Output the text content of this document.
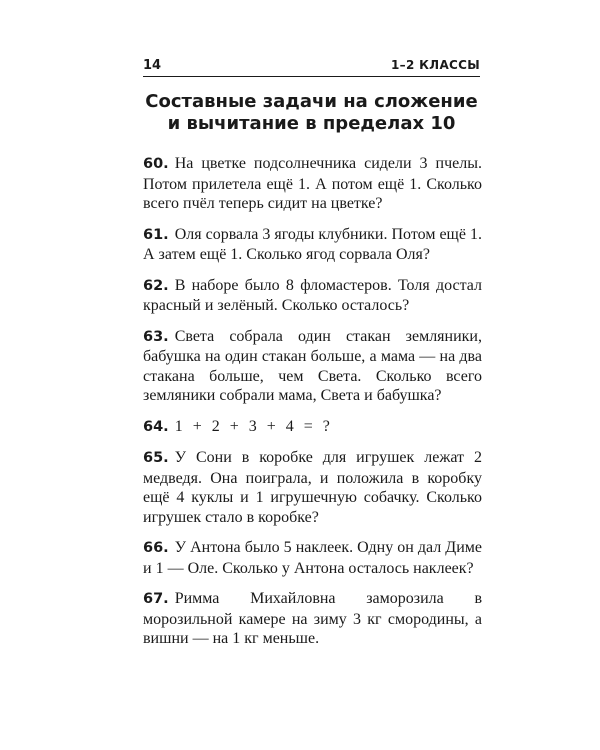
14	1–2 КЛАССЫ
Составные задачи на сложение
и вычитание в пределах 10

60. На цветке подсолнечника сидели 3 пчелы. Потом прилетела ещё 1. А потом ещё 1. Сколько всего пчёл теперь сидит на цветке?

61. Оля сорвала 3 ягоды клубники. Потом ещё 1. А затем ещё 1. Сколько ягод сорвала Оля?

62. В наборе было 8 фломастеров. Толя достал красный и зелёный. Сколько осталось?

63. Света собрала один стакан земляники, бабушка на один стакан больше, а мама — на два стакана больше, чем Света. Сколько всего земляники собрали мама, Света и бабушка?

64. 1 + 2 + 3 + 4 = ?

65. У Сони в коробке для игрушек лежат 2 медведя. Она поиграла, и положила в коробку ещё 4 куклы и 1 игрушечную собачку. Сколько игрушек стало в коробке?

66. У Антона было 5 наклеек. Одну он дал Диме и 1 — Оле. Сколько у Антона осталось наклеек?

67. Римма Михайловна заморозила в морозильной камере на зиму 3 кг смородины, а вишни — на 1 кг меньше.
